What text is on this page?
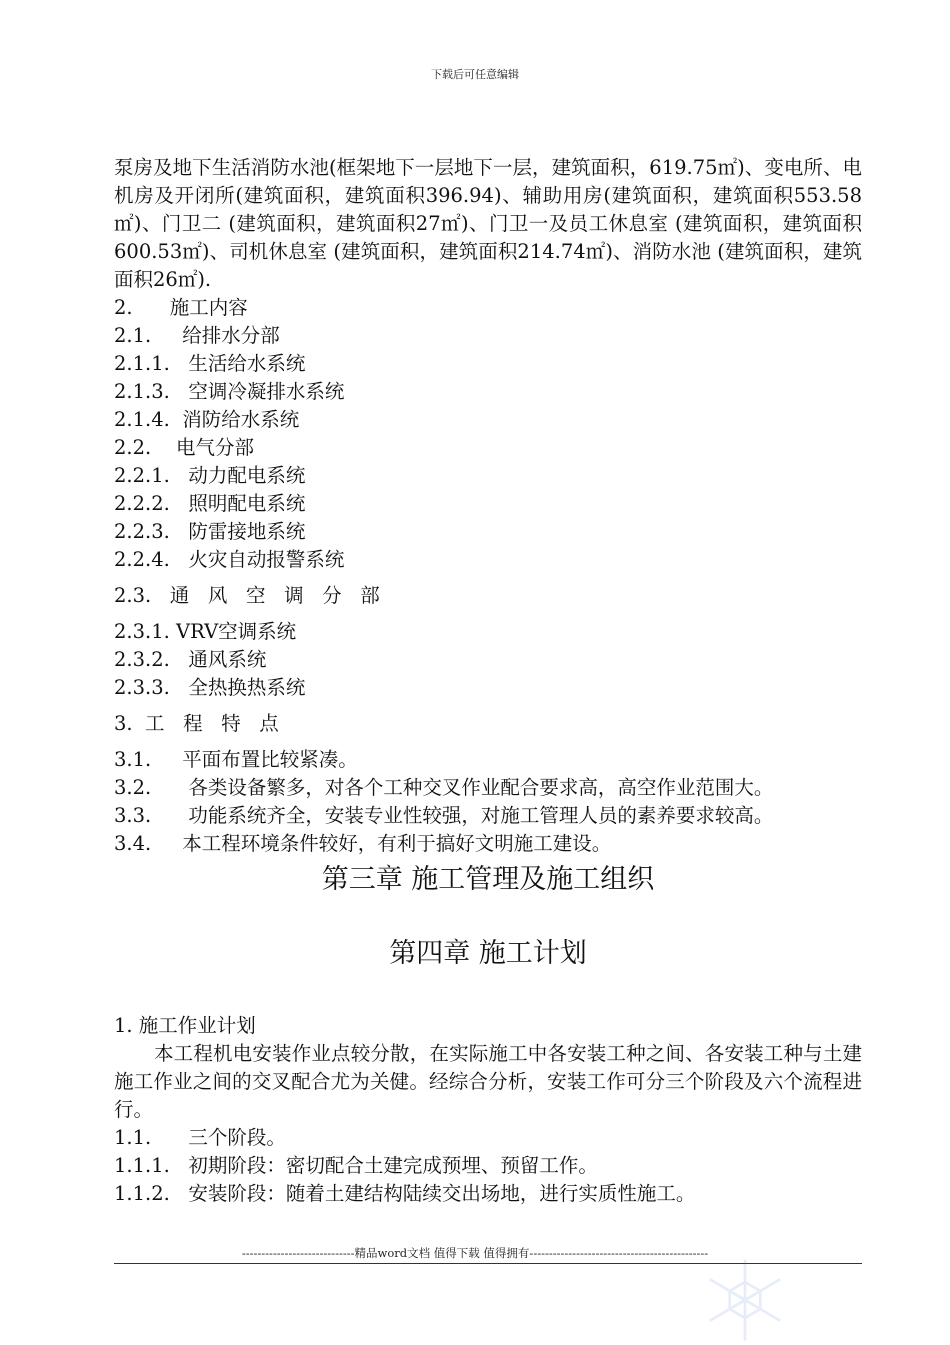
下载后可任意编辑
泵房及地下生活消防水池(框架地下一层地下一层，建筑面积，619.75㎡)、变电所、电机房及开闭所(建筑面积，建筑面积396.94)、辅助用房(建筑面积，建筑面积553.58㎡)、门卫二 (建筑面积，建筑面积27㎡)、门卫一及员工休息室 (建筑面积，建筑面积600.53㎡)、司机休息室 (建筑面积，建筑面积214.74㎡)、消防水池 (建筑面积，建筑面积26㎡).
2.      施工内容
2.1.     给排水分部
2.1.1.   生活给水系统
2.1.3.   空调冷凝排水系统
2.1.4.  消防给水系统
2.2.    电气分部
2.2.1.   动力配电系统
2.2.2.   照明配电系统
2.2.3.   防雷接地系统
2.2.4.   火灾自动报警系统
2.3.   通   风   空   调   分   部
2.3.1. VRV空调系统
2.3.2.   通风系统
2.3.3.   全热换热系统
3.  工   程   特   点
3.1.     平面布置比较紧凑。
3.2.      各类设备繁多，对各个工种交叉作业配合要求高，高空作业范围大。
3.3.      功能系统齐全，安装专业性较强，对施工管理人员的素养要求较高。
3.4.     本工程环境条件较好，有利于搞好文明施工建设。
第三章 施工管理及施工组织
第四章 施工计划
1. 施工作业计划
本工程机电安装作业点较分散，在实际施工中各安装工种之间、各安装工种与土建施工作业之间的交叉配合尤为关健。经综合分析，安装工作可分三个阶段及六个流程进行。
1.1.      三个阶段。
1.1.1.   初期阶段：密切配合土建完成预埋、预留工作。
1.1.2.   安装阶段：随着土建结构陆续交出场地，进行实质性施工。
-----------------------------精品word文档 值得下载 值得拥有----------------------------------------------
